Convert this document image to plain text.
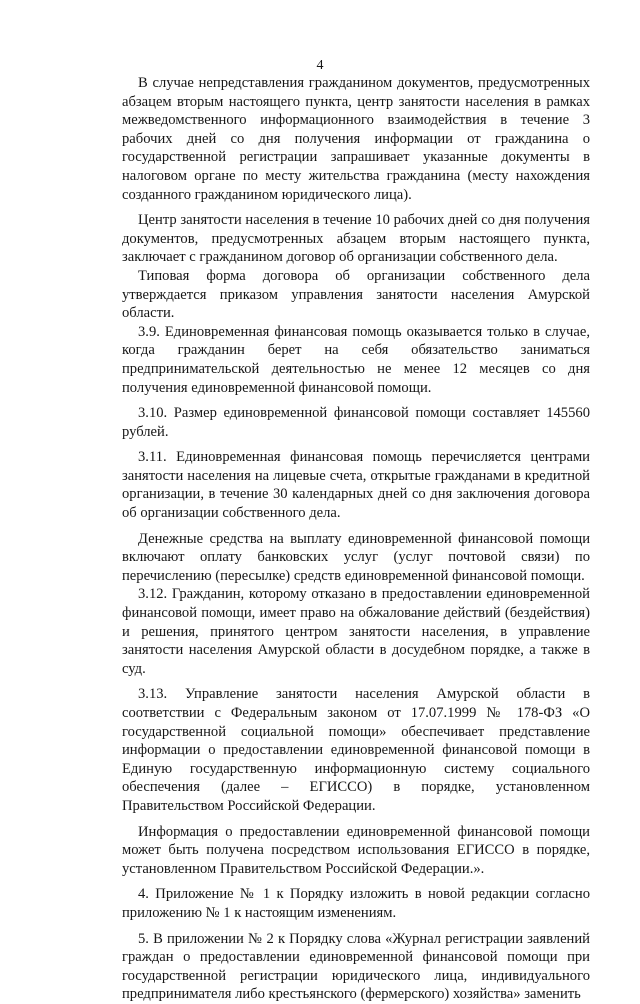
4

В случае непредставления гражданином документов, предусмотренных абзацем вторым настоящего пункта, центр занятости населения в рамках межведомственного информационного взаимодействия в течение 3 рабочих дней со дня получения информации от гражданина о государственной регистрации запрашивает указанные документы в налоговом органе по месту жительства гражданина (месту нахождения созданного гражданином юридического лица).

Центр занятости населения в течение 10 рабочих дней со дня получения документов, предусмотренных абзацем вторым настоящего пункта, заключает с гражданином договор об организации собственного дела.

Типовая форма договора об организации собственного дела утверждается приказом управления занятости населения Амурской области.

3.9. Единовременная финансовая помощь оказывается только в случае, когда гражданин берет на себя обязательство заниматься предпринимательской деятельностью не менее 12 месяцев со дня получения единовременной финансовой помощи.

3.10. Размер единовременной финансовой помощи составляет 145560 рублей.

3.11. Единовременная финансовая помощь перечисляется центрами занятости населения на лицевые счета, открытые гражданами в кредитной организации, в течение 30 календарных дней со дня заключения договора об организации собственного дела.

Денежные средства на выплату единовременной финансовой помощи включают оплату банковских услуг (услуг почтовой связи) по перечислению (пересылке) средств единовременной финансовой помощи.

3.12. Гражданин, которому отказано в предоставлении единовременной финансовой помощи, имеет право на обжалование действий (бездействия) и решения, принятого центром занятости населения, в управление занятости населения Амурской области в досудебном порядке, а также в суд.

3.13. Управление занятости населения Амурской области в соответствии с Федеральным законом от 17.07.1999 № 178-ФЗ «О государственной социальной помощи» обеспечивает представление информации о предоставлении единовременной финансовой помощи в Единую государственную информационную систему социального обеспечения (далее – ЕГИССО) в порядке, установленном Правительством Российской Федерации.

Информация о предоставлении единовременной финансовой помощи может быть получена посредством использования ЕГИССО в порядке, установленном Правительством Российской Федерации.».

4. Приложение № 1 к Порядку изложить в новой редакции согласно приложению № 1 к настоящим изменениям.

5. В приложении № 2 к Порядку слова «Журнал регистрации заявлений граждан о предоставлении единовременной финансовой помощи при государственной регистрации юридического лица, индивидуального предпринимателя либо крестьянского (фермерского) хозяйства» заменить
